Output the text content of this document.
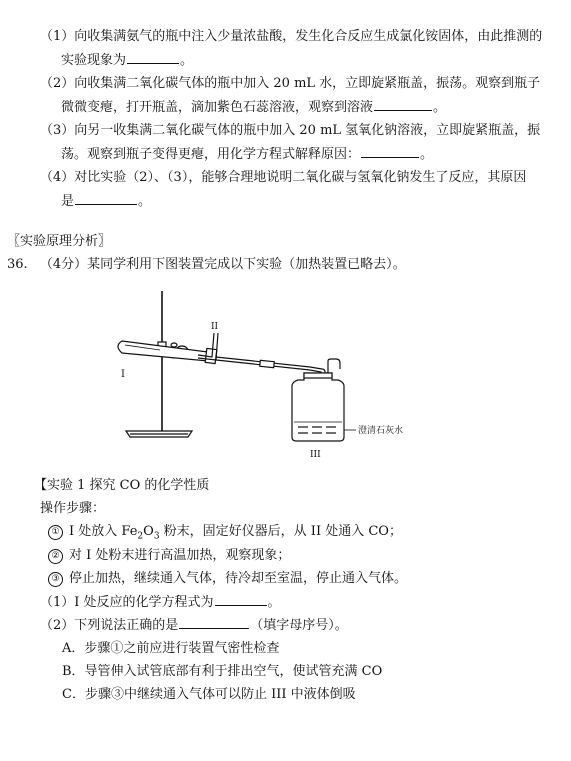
（1）向收集满氨气的瓶中注入少量浓盐酸，发生化合反应生成氯化铵固体，由此推测的
实验现象为	。
（2）向收集满二氧化碳气体的瓶中加入 20 mL 水，立即旋紧瓶盖，振荡。观察到瓶子
微微变瘪，打开瓶盖，滴加紫色石蕊溶液，观察到溶液	。
（3）向另一收集满二氧化碳气体的瓶中加入 20 mL 氢氧化钠溶液，立即旋紧瓶盖，振
荡。观察到瓶子变得更瘪，用化学方程式解释原因：	。
（4）对比实验（2）、（3），能够合理地说明二氧化碳与氢氧化钠发生了反应，其原因
是	。
〖实验原理分析〗
36. （4分）某同学利用下图装置完成以下实验（加热装置已略去）。
I
II
III
澄清石灰水
【实验 1 探究 CO 的化学性质
操作步骤：
① I 处放入 $Fe_2O_3$ 粉末，固定好仪器后，从 II 处通入 CO；
② 对 I 处粉末进行高温加热，观察现象；
③ 停止加热，继续通入气体，待冷却至室温，停止通入气体。
（1）I 处反应的化学方程式为	。
（2）下列说法正确的是	（填字母序号）。
A．步骤①之前应进行装置气密性检查
B．导管伸入试管底部有利于排出空气，使试管充满 CO
C．步骤③中继续通入气体可以防止 III 中液体倒吸
